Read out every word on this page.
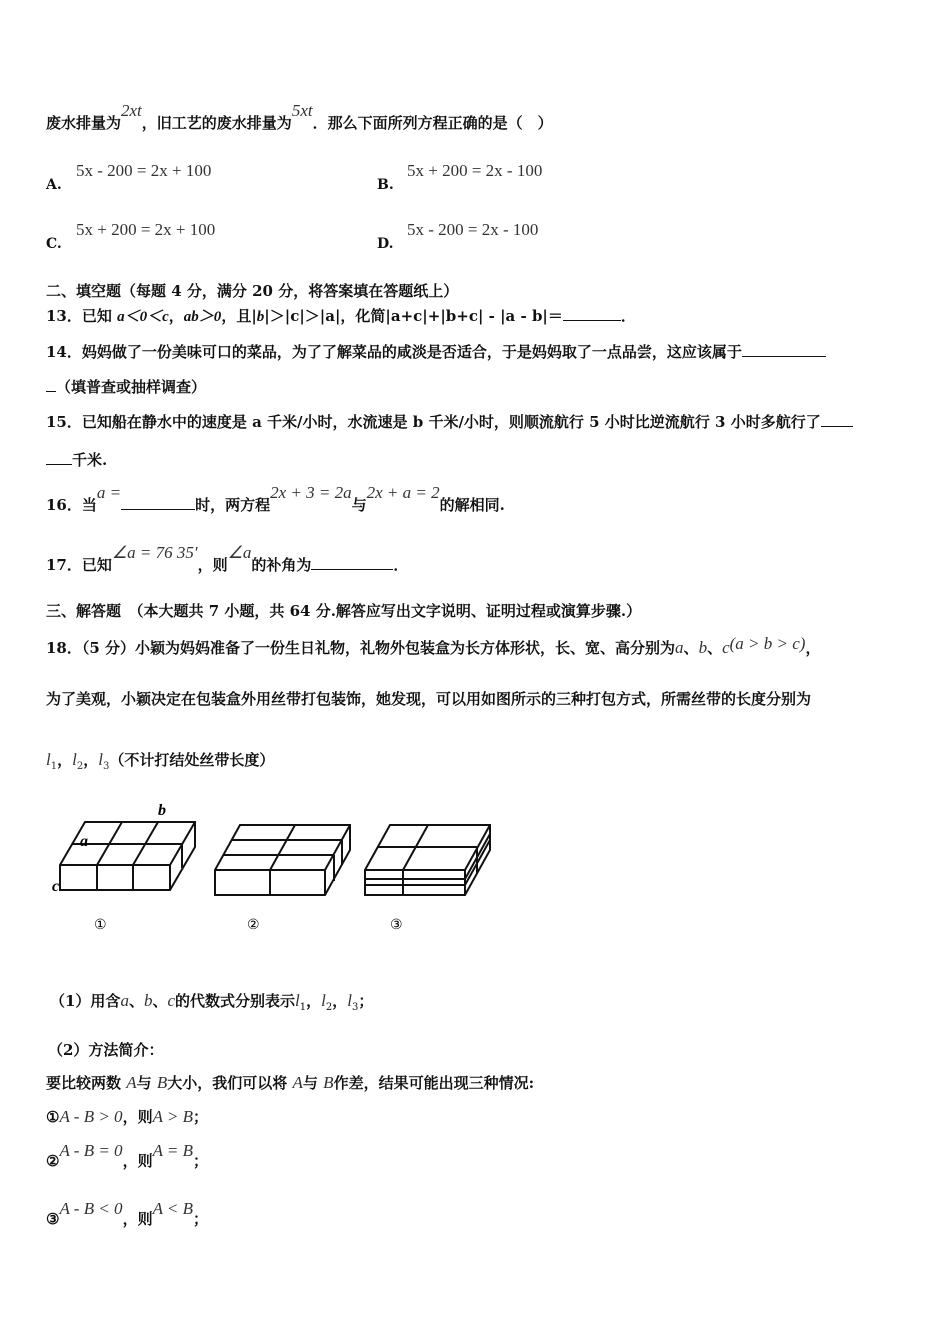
废水排量为2xt，旧工艺的废水排量为5xt．那么下面所列方程正确的是（　）
A.
5x - 200 = 2x + 100
B.
5x + 200 = 2x - 100
C.
5x + 200 = 2x + 100
D.
5x - 200 = 2x - 100
二、填空题（每题 4 分，满分 20 分，将答案填在答题纸上）
13．已知 a＜0＜c，ab＞0，且|b|＞|c|＞|a|，化简|a+c|+|b+c| - |a - b|＝	．
14．妈妈做了一份美味可口的菜品，为了了解菜品的咸淡是否适合，于是妈妈取了一点品尝，这应该属于
（填普查或抽样调查）
15．已知船在静水中的速度是 a 千米/小时，水流速是 b 千米/小时，则顺流航行 5 小时比逆流航行 3 小时多航行了
千米.
16．当a =时，两方程2x + 3 = 2a与2x + a = 2的解相同.
17．已知∠a = 76 35′，则∠a的补角为	．
三、解答题　（本大题共 7 小题，共 64 分.解答应写出文字说明、证明过程或演算步骤.）
18．（5 分）小颖为妈妈准备了一份生日礼物，礼物外包装盒为长方体形状，长、宽、高分别为a、b、c(a > b > c)，
为了美观，小颖决定在包装盒外用丝带打包装饰，她发现，可以用如图所示的三种打包方式，所需丝带的长度分别为
$l_1$，$l_2$，$l_3$（不计打结处丝带长度）
b
a
c
①	②	③
（1）用含a、b、c的代数式分别表示$l_1$，$l_2$，$l_3$；
（2）方法简介：
要比较两数 A与 B大小，我们可以将 A与 B作差，结果可能出现三种情况:
①A - B > 0，则A > B；
②A - B = 0，则A = B；
③A - B < 0，则A < B；
